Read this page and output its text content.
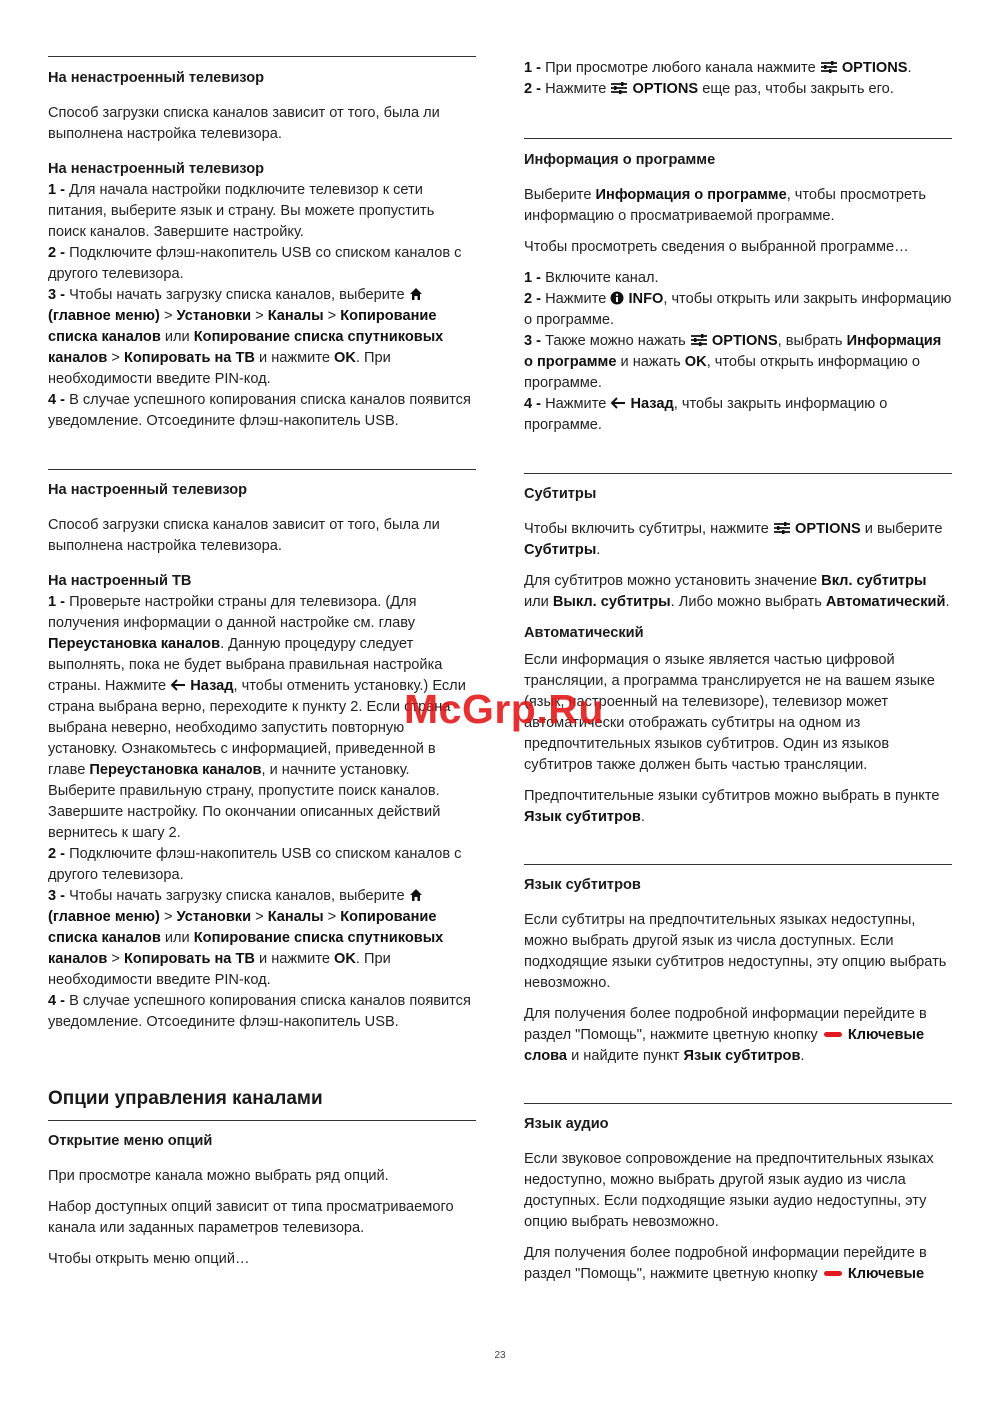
На ненастроенный телевизор

Способ загрузки списка каналов зависит от того, была ли выполнена настройка телевизора.

На ненастроенный телевизор

1 - Для начала настройки подключите телевизор к сети питания, выберите язык и страну. Вы можете пропустить поиск каналов. Завершите настройку.

2 - Подключите флэш-накопитель USB со списком каналов с другого телевизора.

3 - Чтобы начать загрузку списка каналов, выберите  (главное меню) > Установки > Каналы > Копирование списка каналов или Копирование списка спутниковых каналов > Копировать на ТВ и нажмите OK. При необходимости введите PIN-код.

4 - В случае успешного копирования списка каналов появится уведомление. Отсоедините флэш-накопитель USB.

На настроенный телевизор

Способ загрузки списка каналов зависит от того, была ли выполнена настройка телевизора.

На настроенный ТВ

1 - Проверьте настройки страны для телевизора. (Для получения информации о данной настройке см. главу Переустановка каналов. Данную процедуру следует выполнять, пока не будет выбрана правильная настройка страны. Нажмите Назад, чтобы отменить установку.) Если страна выбрана верно, переходите к пункту 2. Если страна выбрана неверно, необходимо запустить повторную установку. Ознакомьтесь с информацией, приведенной в главе Переустановка каналов, и начните установку. Выберите правильную страну, пропустите поиск каналов. Завершите настройку. По окончании описанных действий вернитесь к шагу 2.

2 - Подключите флэш-накопитель USB со списком каналов с другого телевизора.

3 - Чтобы начать загрузку списка каналов, выберите  (главное меню) > Установки > Каналы > Копирование списка каналов или Копирование списка спутниковых каналов > Копировать на ТВ и нажмите OK. При необходимости введите PIN-код.

4 - В случае успешного копирования списка каналов появится уведомление. Отсоедините флэш-накопитель USB.

Опции управления каналами
Открытие меню опций

При просмотре канала можно выбрать ряд опций.

Набор доступных опций зависит от типа просматриваемого канала или заданных параметров телевизора.

Чтобы открыть меню опций…

1 - При просмотре любого канала нажмите OPTIONS.

2 - Нажмите OPTIONS еще раз, чтобы закрыть его.

Информация о программе

Выберите Информация о программе, чтобы просмотреть информацию о просматриваемой программе.

Чтобы просмотреть сведения о выбранной программе…

1 - Включите канал.

2 - Нажмите INFO, чтобы открыть или закрыть информацию о программе.

3 - Также можно нажать OPTIONS, выбрать Информация о программе и нажать OK, чтобы открыть информацию о программе.

4 - Нажмите Назад, чтобы закрыть информацию о программе.

Субтитры

Чтобы включить субтитры, нажмите OPTIONS и выберите Субтитры.

Для субтитров можно установить значение Вкл. субтитры или Выкл. субтитры. Либо можно выбрать Автоматический.

Автоматический

Если информация о языке является частью цифровой трансляции, а программа транслируется не на вашем языке (язык, настроенный на телевизоре), телевизор может автоматически отображать субтитры на одном из предпочтительных языков субтитров. Один из языков субтитров также должен быть частью трансляции.

Предпочтительные языки субтитров можно выбрать в пункте Язык субтитров.

Язык субтитров

Если субтитры на предпочтительных языках недоступны, можно выбрать другой язык из числа доступных. Если подходящие языки субтитров недоступны, эту опцию выбрать невозможно.

Для получения более подробной информации перейдите в раздел "Помощь", нажмите цветную кнопку Ключевые слова и найдите пункт Язык субтитров.

Язык аудио

Если звуковое сопровождение на предпочтительных языках недоступно, можно выбрать другой язык аудио из числа доступных. Если подходящие языки аудио недоступны, эту опцию выбрать невозможно.

Для получения более подробной информации перейдите в раздел "Помощь", нажмите цветную кнопку Ключевые

McGrp.Ru
23
